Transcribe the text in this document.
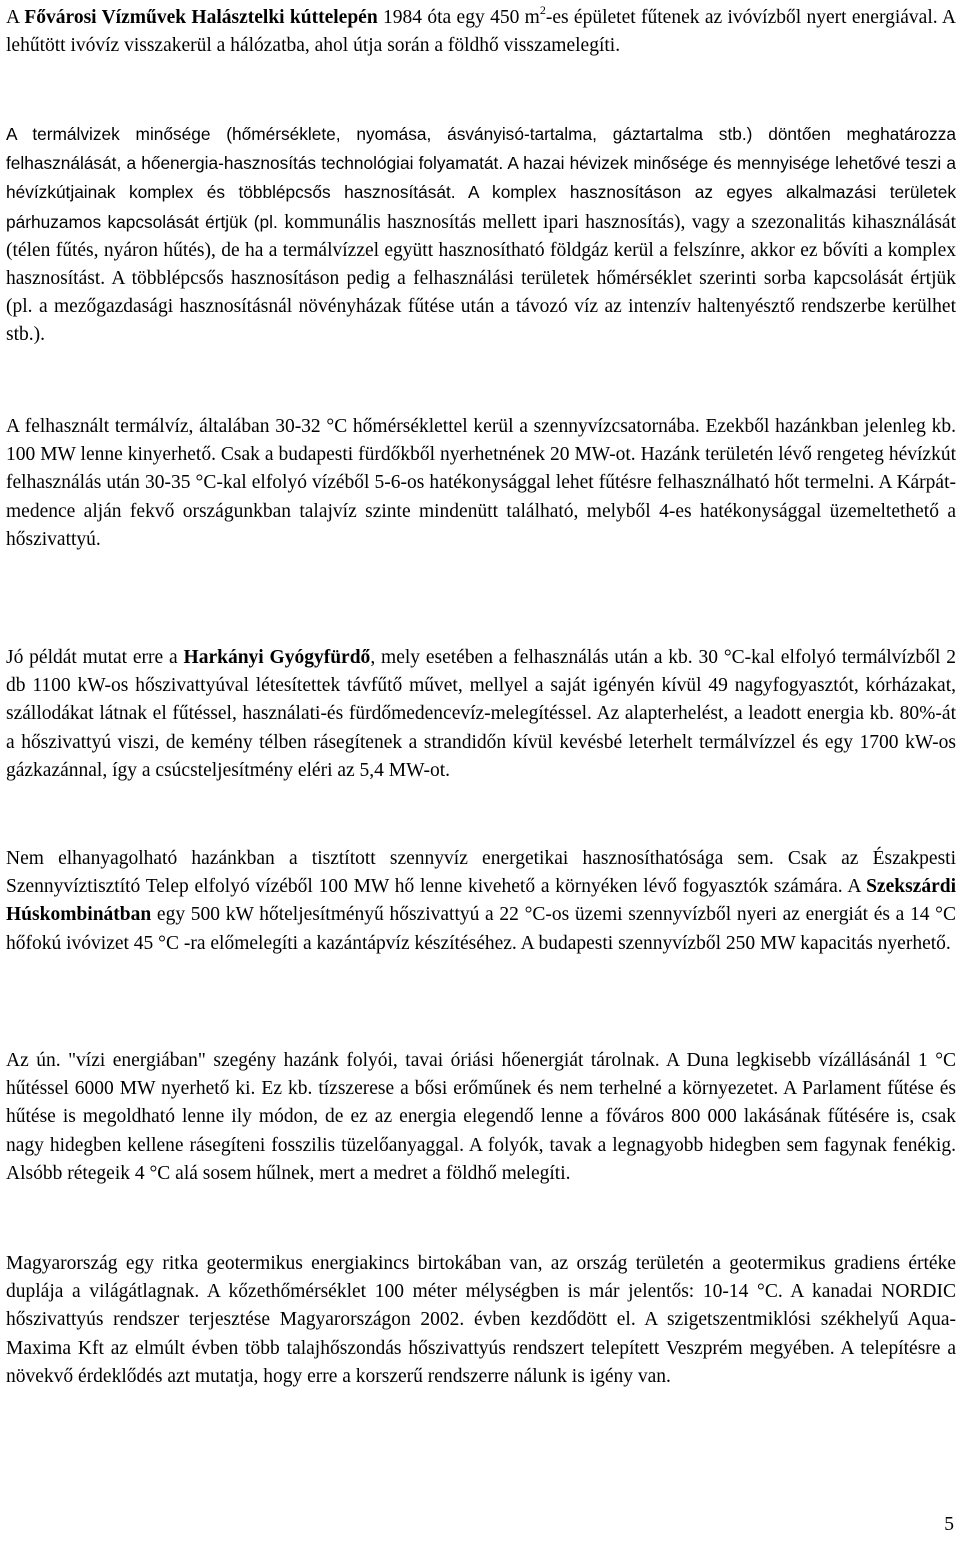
A Fővárosi Vízművek Halásztelki kúttelepén 1984 óta egy 450 $m^2-es$ épületet fűtenek az ivóvízből nyert energiával. A lehűtött ivóvíz visszakerül a hálózatba, ahol útja során a földhő visszamelegíti.

A termálvizek minősége (hőmérséklete, nyomása, ásványisó-tartalma, gáztartalma stb.) döntően meghatározza felhasználását, a hőenergia-hasznosítás technológiai folyamatát. A hazai hévizek minősége és mennyisége lehetővé teszi a hévízkútjainak komplex és többlépcsős hasznosítását. A komplex hasznosításon az egyes alkalmazási területek párhuzamos kapcsolását értjük (pl. kommunális hasznosítás mellett ipari hasznosítás), vagy a szezonalitás kihasználását (télen fűtés, nyáron hűtés), de ha a termálvízzel együtt hasznosítható földgáz kerül a felszínre, akkor ez bővíti a komplex hasznosítást. A többlépcsős hasznosításon pedig a felhasználási területek hőmérséklet szerinti sorba kapcsolását értjük (pl. a mezőgazdasági hasznosításnál növényházak fűtése után a távozó víz az intenzív haltenyésztő rendszerbe kerülhet stb.).

A felhasznált termálvíz, általában 30-32 °C hőmérséklettel kerül a szennyvízcsatornába. Ezekből hazánkban jelenleg kb. 100 MW lenne kinyerhető. Csak a budapesti fürdőkből nyerhetnének 20 MW-ot. Hazánk területén lévő rengeteg hévízkút felhasználás után 30-35 °C-kal elfolyó vízéből 5-6-os hatékonysággal lehet fűtésre felhasználható hőt termelni. A Kárpát-medence alján fekvő országunkban talajvíz szinte mindenütt található, melyből 4-es hatékonysággal üzemeltethető a hőszivattyú.

Jó példát mutat erre a Harkányi Gyógyfürdő, mely esetében a felhasználás után a kb. 30 °C-kal elfolyó termálvízből 2 db 1100 kW-os hőszivattyúval létesítettek távfűtő művet, mellyel a saját igényén kívül 49 nagyfogyasztót, kórházakat, szállodákat látnak el fűtéssel, használati-és fürdőmedencevíz-melegítéssel. Az alapterhelést, a leadott energia kb. 80%-át a hőszivattyú viszi, de kemény télben rásegítenek a strandidőn kívül kevésbé leterhelt termálvízzel és egy 1700 kW-os gázkazánnal, így a csúcsteljesítmény eléri az 5,4 MW-ot.

Nem elhanyagolható hazánkban a tisztított szennyvíz energetikai hasznosíthatósága sem. Csak az Északpesti Szennyvíztisztító Telep elfolyó vízéből 100 MW hő lenne kivehető a környéken lévő fogyasztók számára. A Szekszárdi Húskombinátban egy 500 kW hőteljesítményű hőszivattyú a 22 °C-os üzemi szennyvízből nyeri az energiát és a 14 °C hőfokú ivóvizet 45 °C -ra előmelegíti a kazántápvíz készítéséhez. A budapesti szennyvízből 250 MW kapacitás nyerhető.

Az ún. "vízi energiában" szegény hazánk folyói, tavai óriási hőenergiát tárolnak. A Duna legkisebb vízállásánál 1 °C hűtéssel 6000 MW nyerhető ki. Ez kb. tízszerese a bősi erőműnek és nem terhelné a környezetet. A Parlament fűtése és hűtése is megoldható lenne ily módon, de ez az energia elegendő lenne a főváros 800 000 lakásának fűtésére is, csak nagy hidegben kellene rásegíteni fosszilis tüzelőanyaggal. A folyók, tavak a legnagyobb hidegben sem fagynak fenékig. Alsóbb rétegeik 4 °C alá sosem hűlnek, mert a medret a földhő melegíti.

Magyarország egy ritka geotermikus energiakincs birtokában van, az ország területén a geotermikus gradiens értéke duplája a világátlagnak. A kőzethőmérséklet 100 méter mélységben is már jelentős: 10-14 °C. A kanadai NORDIC hőszivattyús rendszer terjesztése Magyarországon 2002. évben kezdődött el. A szigetszentmiklósi székhelyű Aqua-Maxima Kft az elmúlt évben több talajhőszondás hőszivattyús rendszert telepített Veszprém megyében. A telepítésre a növekvő érdeklődés azt mutatja, hogy erre a korszerű rendszerre nálunk is igény van.

5
